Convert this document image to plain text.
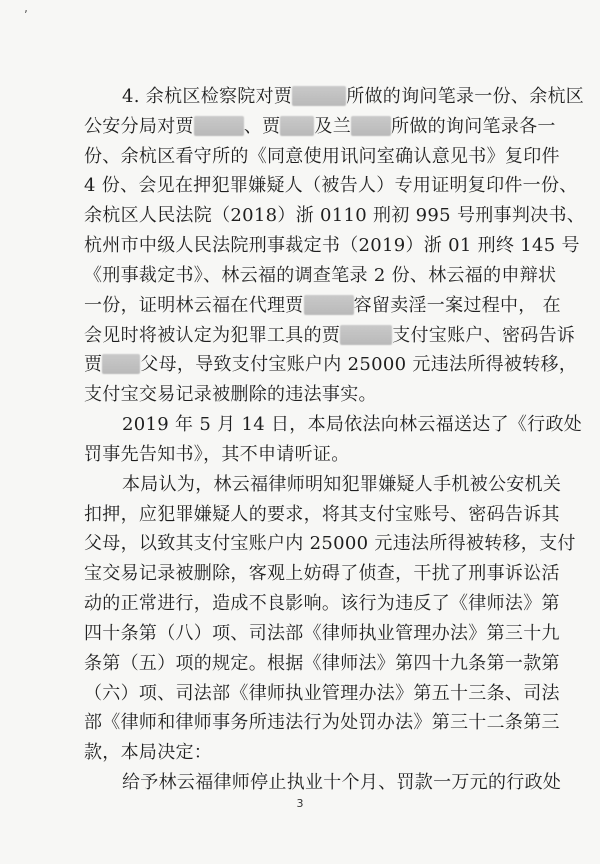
ʼ
4. 余杭区检察院对贾	所做的询问笔录一份、余杭区
公安分局对贾	、贾 及兰 所做的询问笔录各一
份、余杭区看守所的《同意使用讯问室确认意见书》复印件
4 份、会见在押犯罪嫌疑人（被告人）专用证明复印件一份、
余杭区人民法院（2018）浙 0110 刑初 995 号刑事判决书、
杭州市中级人民法院刑事裁定书（2019）浙 01 刑终 145 号
《刑事裁定书》、林云福的调查笔录 2 份、林云福的申辩状
一份，证明林云福在代理贾	容留卖淫一案过程中， 在
会见时将被认定为犯罪工具的贾	支付宝账户、密码告诉
贾 父母，导致支付宝账户内 25000 元违法所得被转移，
支付宝交易记录被删除的违法事实。
2019 年 5 月 14 日，本局依法向林云福送达了《行政处
罚事先告知书》，其不申请听证。
本局认为，林云福律师明知犯罪嫌疑人手机被公安机关
扣押，应犯罪嫌疑人的要求，将其支付宝账号、密码告诉其
父母，以致其支付宝账户内 25000 元违法所得被转移，支付
宝交易记录被删除，客观上妨碍了侦查，干扰了刑事诉讼活
动的正常进行，造成不良影响。该行为违反了《律师法》第
四十条第（八）项、司法部《律师执业管理办法》第三十九
条第（五）项的规定。根据《律师法》第四十九条第一款第
（六）项、司法部《律师执业管理办法》第五十三条、司法
部《律师和律师事务所违法行为处罚办法》第三十二条第三
款，本局决定：
给予林云福律师停止执业十个月、罚款一万元的行政处
3
